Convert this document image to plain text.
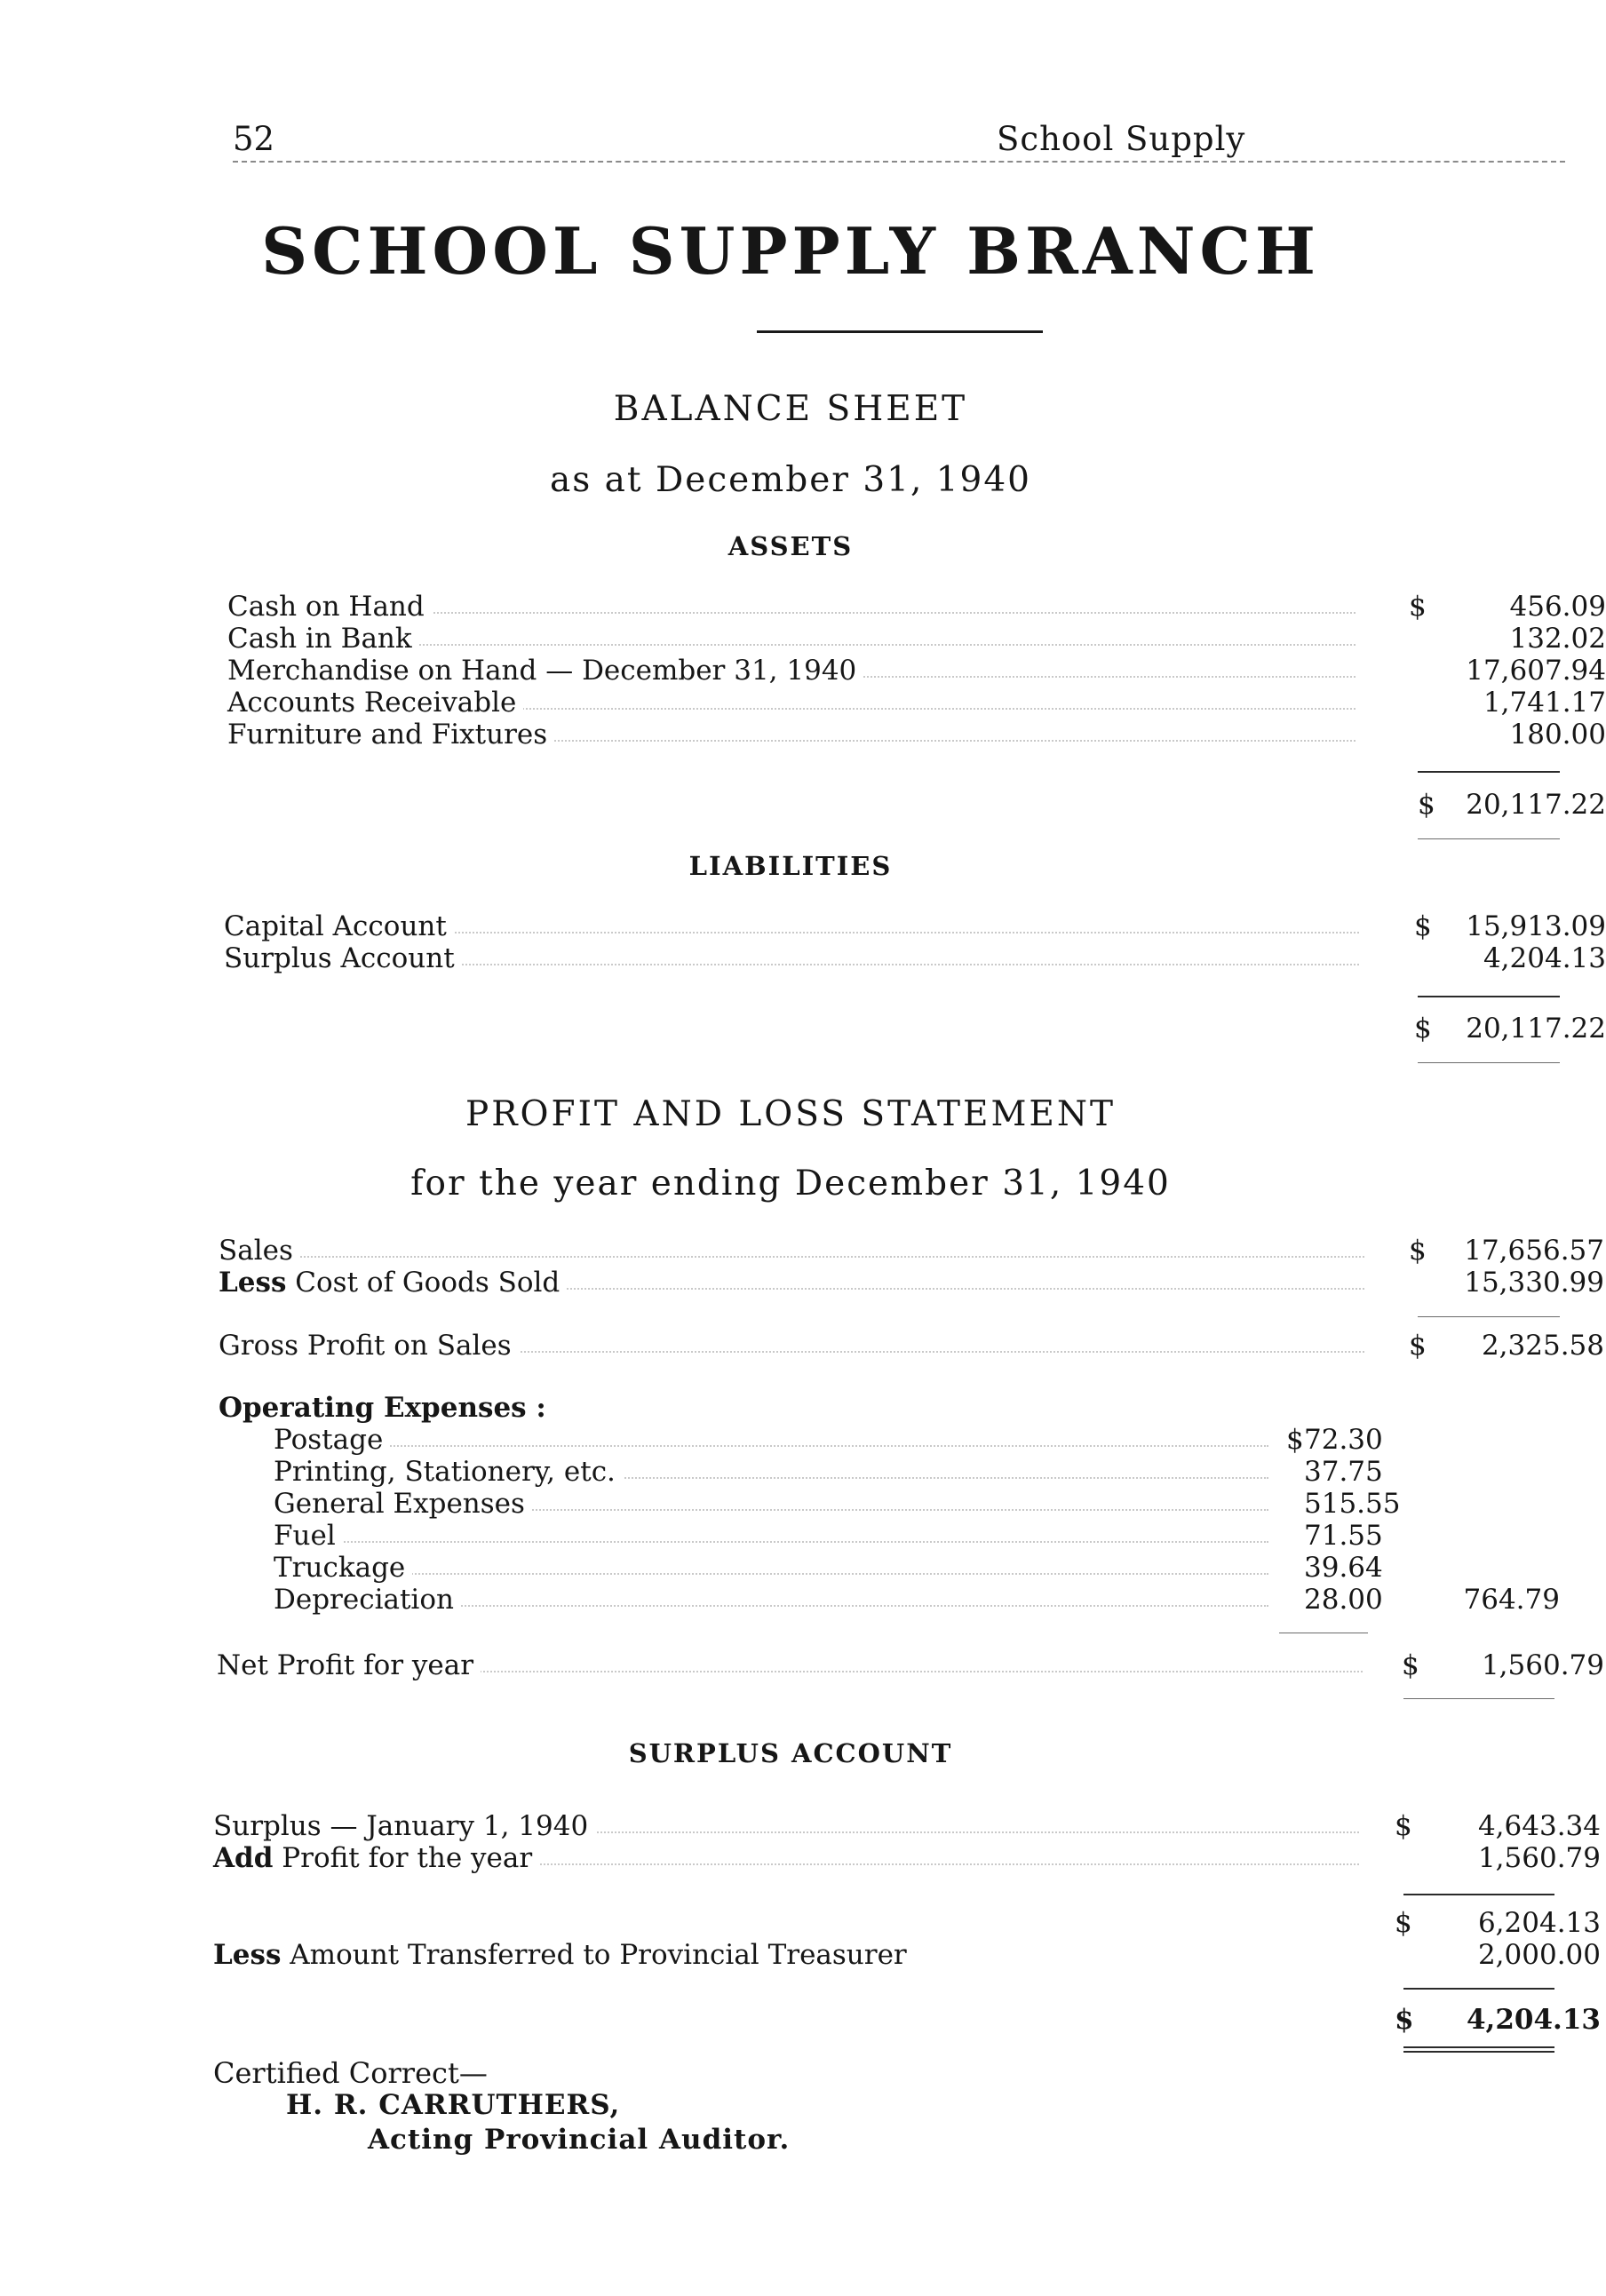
52	School Supply
SCHOOL SUPPLY BRANCH
BALANCE SHEET
as at December 31, 1940
ASSETS
Cash on Hand	$	456.09
Cash in Bank	132.02
Merchandise on Hand — December 31, 1940	17,607.94
Accounts Receivable	1,741.17
Furniture and Fixtures	180.00
$	20,117.22
LIABILITIES
Capital Account	$	15,913.09
Surplus Account	4,204.13
$	20,117.22
PROFIT AND LOSS STATEMENT
for the year ending December 31, 1940
Sales	$	17,656.57
Less Cost of Goods Sold	15,330.99
Gross Profit on Sales	$	2,325.58
Operating Expenses :
Postage	$ 72.30
Printing, Stationery, etc.	37.75
General Expenses	515.55
Fuel	71.55
Truckage	39.64
Depreciation	28.00	764.79
Net Profit for year	$	1,560.79
SURPLUS ACCOUNT
Surplus — January 1, 1940	$	4,643.34
Add Profit for the year	1,560.79
$	6,204.13
Less Amount Transferred to Provincial Treasurer	2,000.00
$	4,204.13
Certified Correct—
H. R. CARRUTHERS,
Acting Provincial Auditor.
